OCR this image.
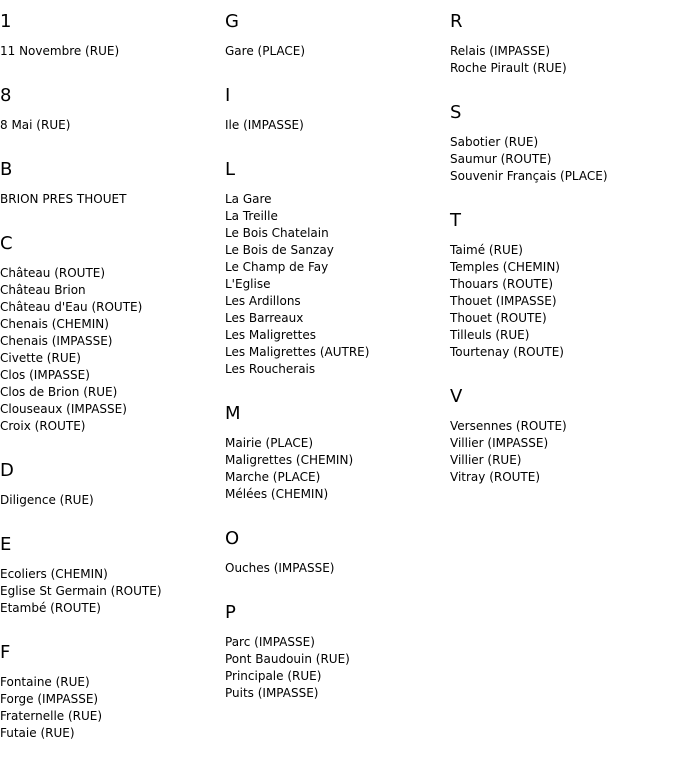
1
11 Novembre (RUE)
8
8 Mai (RUE)
B
BRION PRES THOUET
C
Château (ROUTE)
Château Brion
Château d'Eau (ROUTE)
Chenais (CHEMIN)
Chenais (IMPASSE)
Civette (RUE)
Clos (IMPASSE)
Clos de Brion (RUE)
Clouseaux (IMPASSE)
Croix (ROUTE)
D
Diligence (RUE)
E
Ecoliers (CHEMIN)
Eglise St Germain (ROUTE)
Etambé (ROUTE)
F
Fontaine (RUE)
Forge (IMPASSE)
Fraternelle (RUE)
Futaie (RUE)
G
Gare (PLACE)
I
Ile (IMPASSE)
L
La Gare
La Treille
Le Bois Chatelain
Le Bois de Sanzay
Le Champ de Fay
L'Eglise
Les Ardillons
Les Barreaux
Les Maligrettes
Les Maligrettes (AUTRE)
Les Roucherais
M
Mairie (PLACE)
Maligrettes (CHEMIN)
Marche (PLACE)
Mélées (CHEMIN)
O
Ouches (IMPASSE)
P
Parc (IMPASSE)
Pont Baudouin (RUE)
Principale (RUE)
Puits (IMPASSE)
R
Relais (IMPASSE)
Roche Pirault (RUE)
S
Sabotier (RUE)
Saumur (ROUTE)
Souvenir Français (PLACE)
T
Taimé (RUE)
Temples (CHEMIN)
Thouars (ROUTE)
Thouet (IMPASSE)
Thouet (ROUTE)
Tilleuls (RUE)
Tourtenay (ROUTE)
V
Versennes (ROUTE)
Villier (IMPASSE)
Villier (RUE)
Vitray (ROUTE)
